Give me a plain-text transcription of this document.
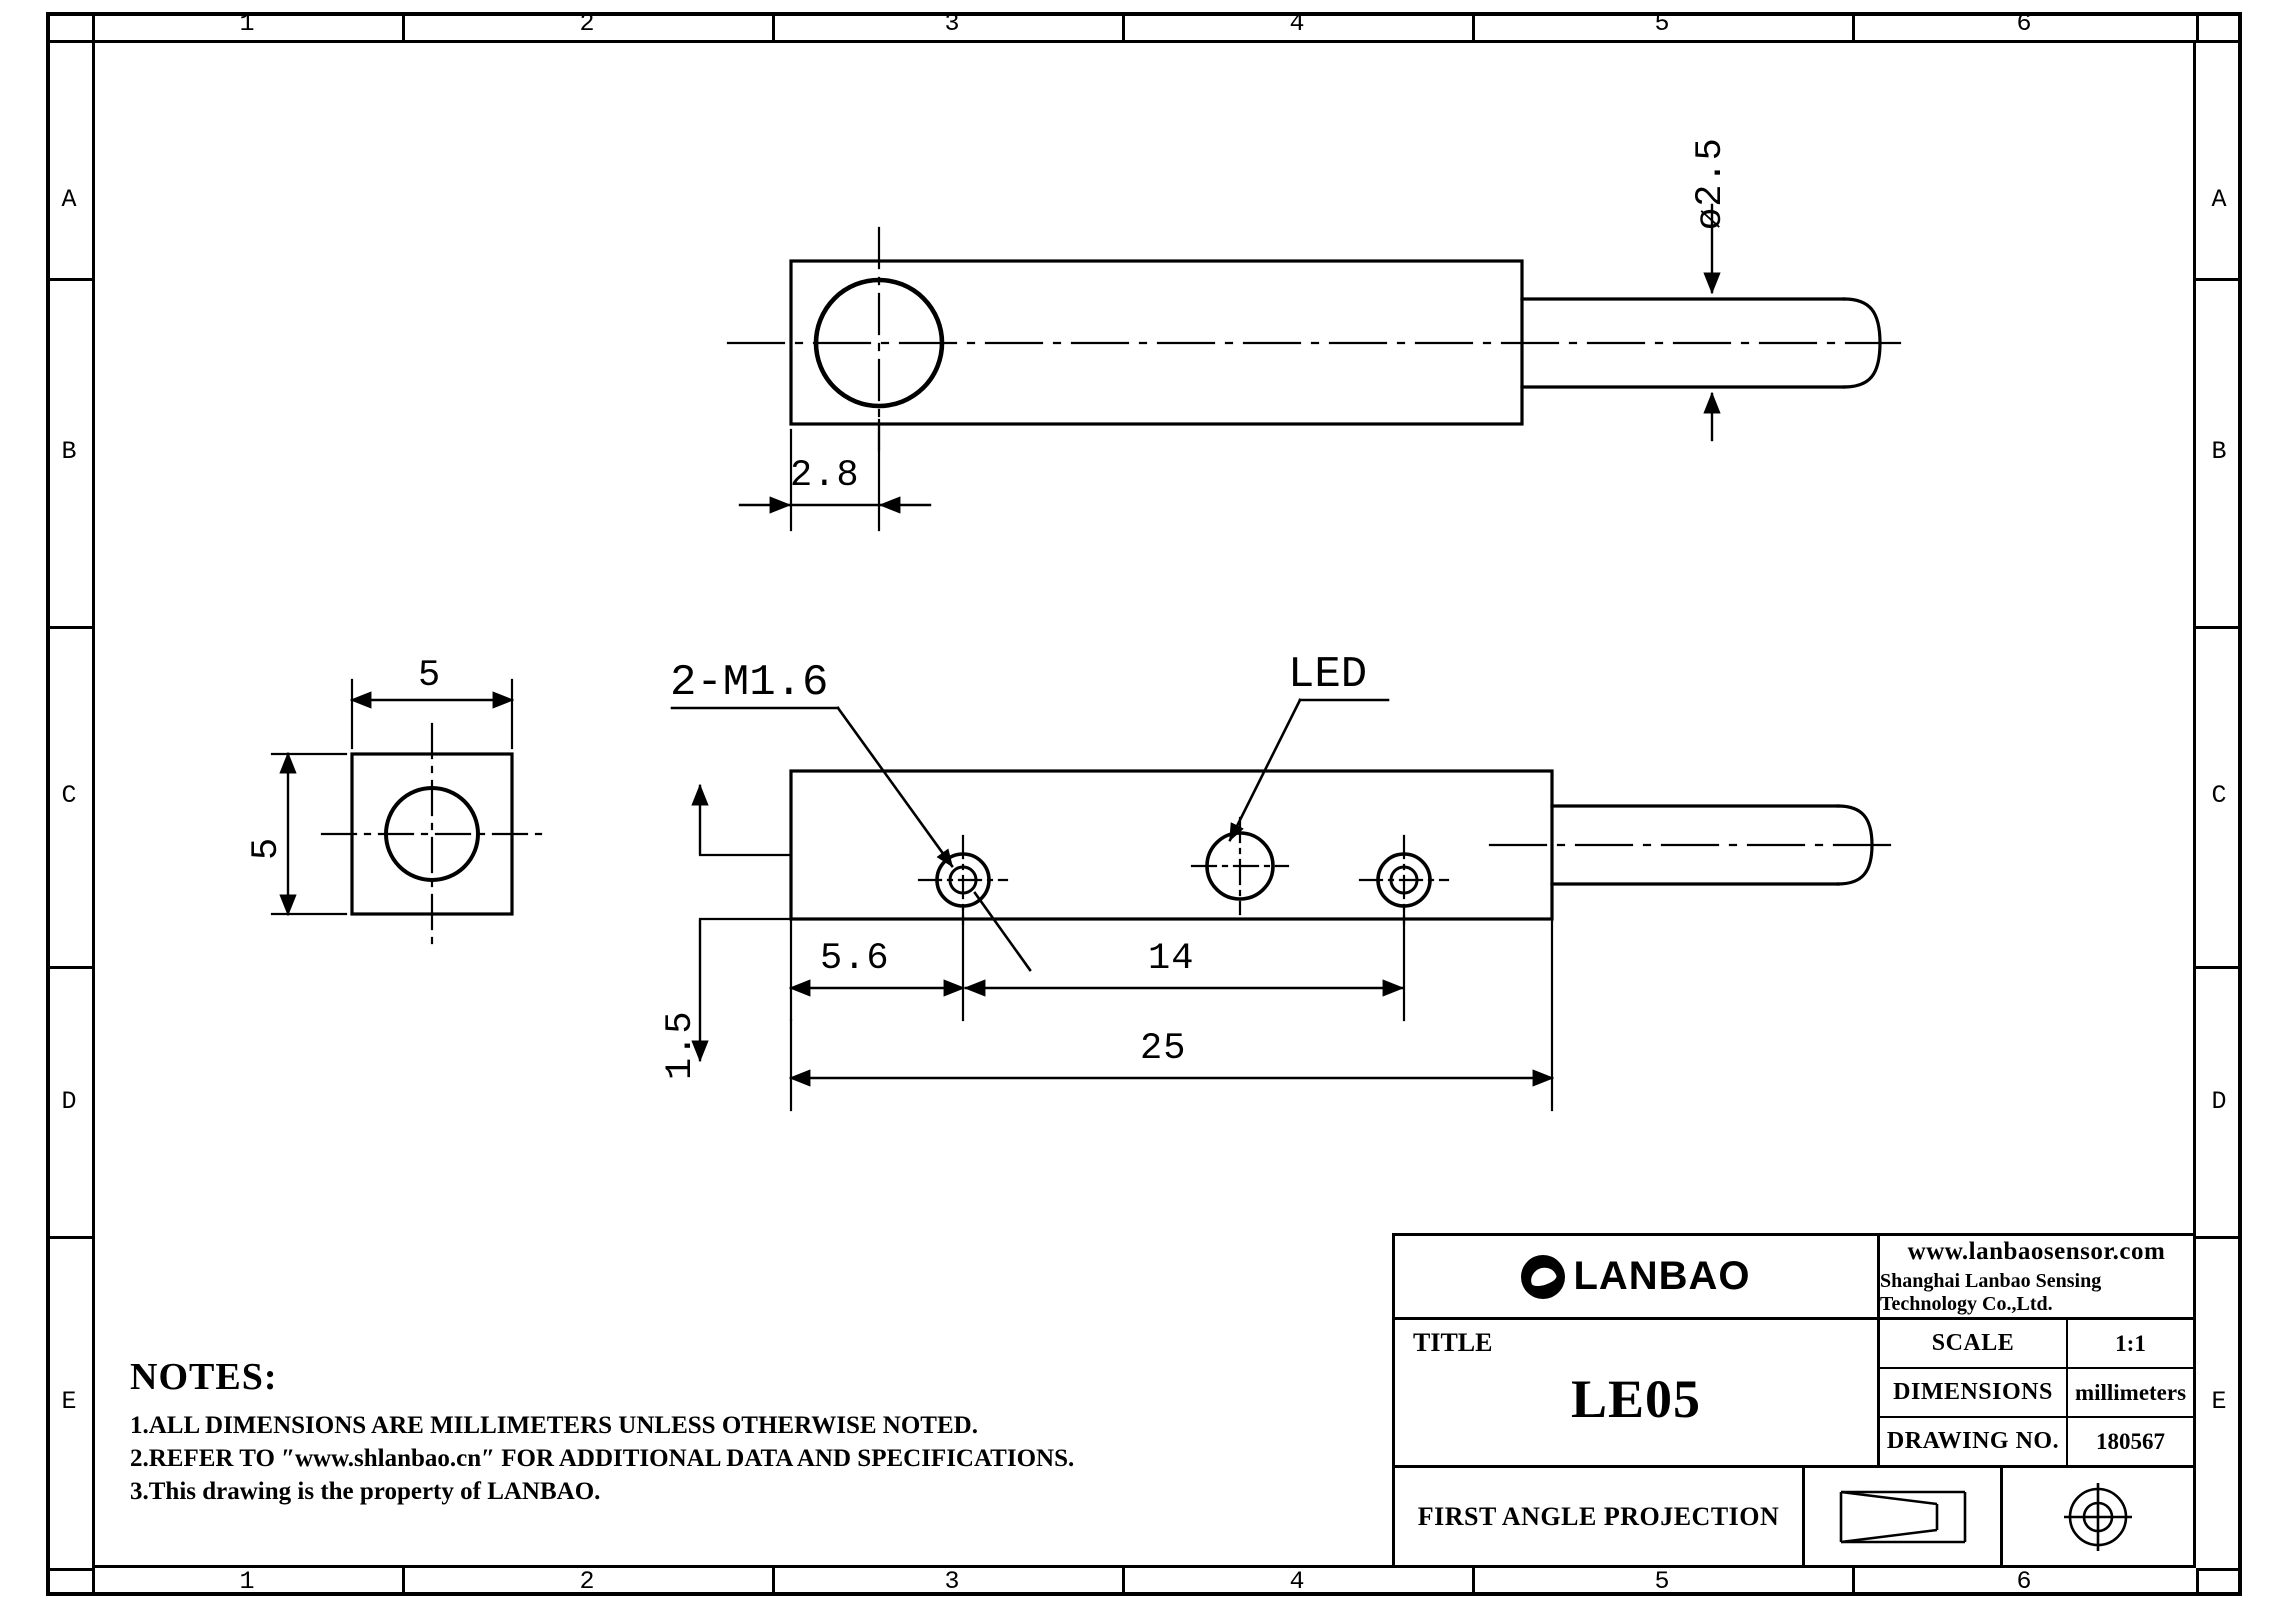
1	2	3	4	5	6
1	2	3	4	5	6
A
B
C
D
E
A
B
C
D
E
2.8
ø2.5
5
5
2-M1.6	LED
1.5
5.6	14
25
NOTES:
1.ALL DIMENSIONS ARE MILLIMETERS UNLESS OTHERWISE NOTED.
2.REFER TO ″www.shlanbao.cn″ FOR ADDITIONAL DATA AND SPECIFICATIONS.
3.This drawing is the property of LANBAO.
LANBAO
www.lanbaosensor.com
Shanghai Lanbao Sensing Technology Co.,Ltd.
TITLE
LE05
SCALE	1:1
DIMENSIONS millimeters
DRAWING NO.	180567
FIRST ANGLE PROJECTION
